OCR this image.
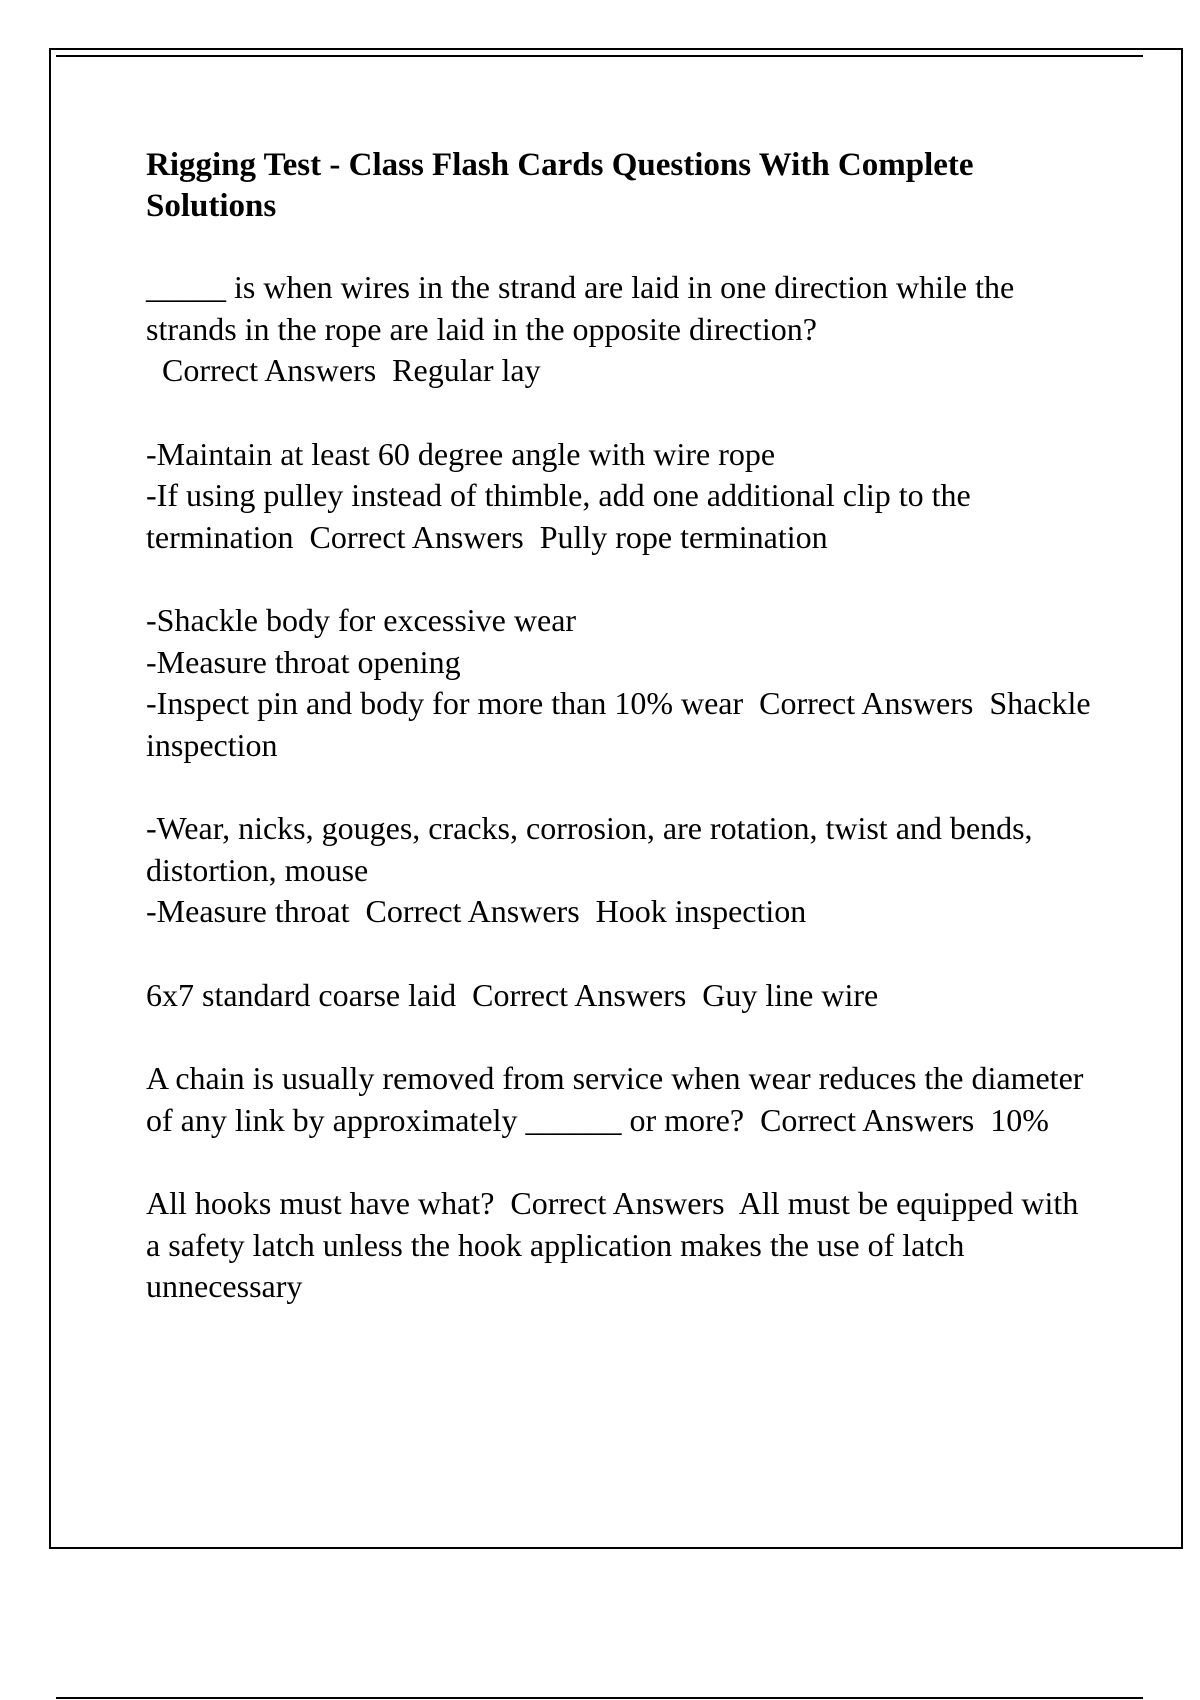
Rigging Test - Class Flash Cards Questions With Complete Solutions
_____ is when wires in the strand are laid in one direction while the strands in the rope are laid in the opposite direction?  Correct Answers  Regular lay
-Maintain at least 60 degree angle with wire rope
-If using pulley instead of thimble, add one additional clip to the termination  Correct Answers  Pully rope termination
-Shackle body for excessive wear
-Measure throat opening
-Inspect pin and body for more than 10% wear  Correct Answers  Shackle inspection
-Wear, nicks, gouges, cracks, corrosion, are rotation, twist and bends, distortion, mouse
-Measure throat  Correct Answers  Hook inspection
6x7 standard coarse laid  Correct Answers  Guy line wire
A chain is usually removed from service when wear reduces the diameter of any link by approximately ______ or more?  Correct Answers  10%
All hooks must have what?  Correct Answers  All must be equipped with a safety latch unless the hook application makes the use of latch unnecessary
